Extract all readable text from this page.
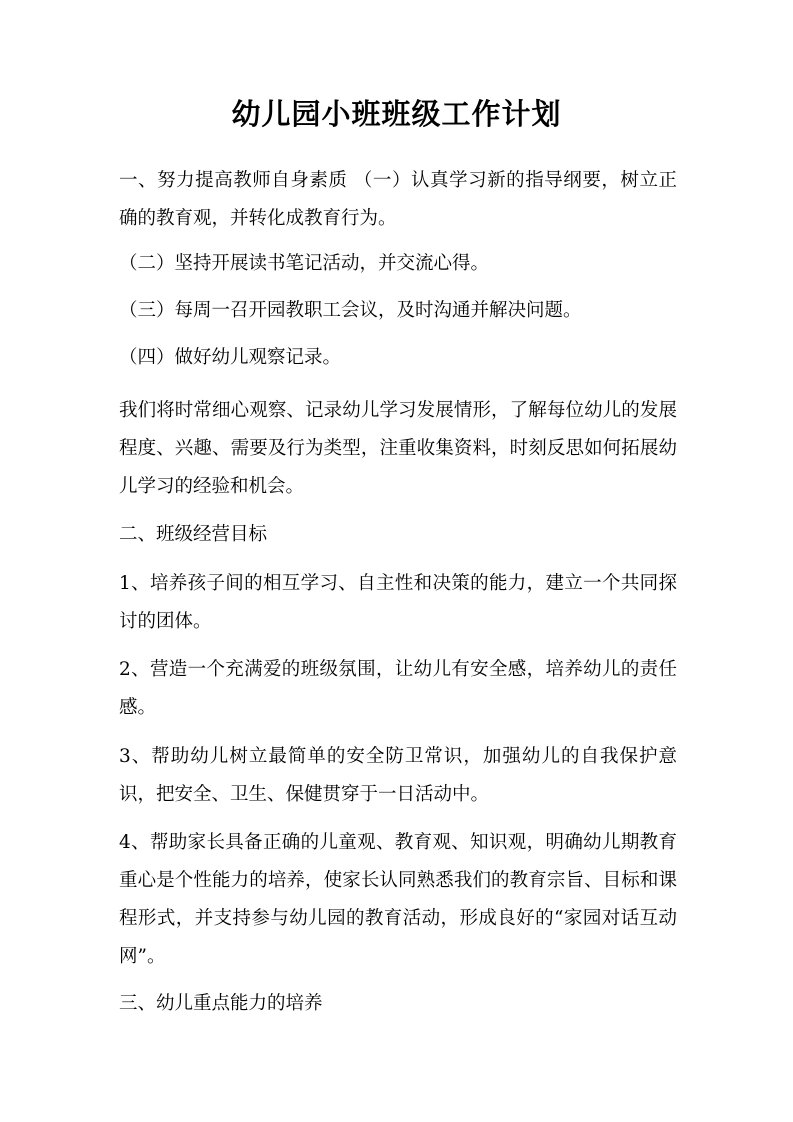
幼儿园小班班级工作计划

一、努力提高教师自身素质 （一）认真学习新的指导纲要，树立正确的教育观，并转化成教育行为。

（二）坚持开展读书笔记活动，并交流心得。

（三）每周一召开园教职工会议，及时沟通并解决问题。

（四）做好幼儿观察记录。

我们将时常细心观察、记录幼儿学习发展情形，了解每位幼儿的发展程度、兴趣、需要及行为类型，注重收集资料，时刻反思如何拓展幼儿学习的经验和机会。

二、班级经营目标

1、培养孩子间的相互学习、自主性和决策的能力，建立一个共同探讨的团体。

2、营造一个充满爱的班级氛围，让幼儿有安全感，培养幼儿的责任感。

3、帮助幼儿树立最简单的安全防卫常识，加强幼儿的自我保护意识，把安全、卫生、保健贯穿于一日活动中。

4、帮助家长具备正确的儿童观、教育观、知识观，明确幼儿期教育重心是个性能力的培养，使家长认同熟悉我们的教育宗旨、目标和课程形式，并支持参与幼儿园的教育活动，形成良好的“家园对话互动网”。

三、幼儿重点能力的培养
